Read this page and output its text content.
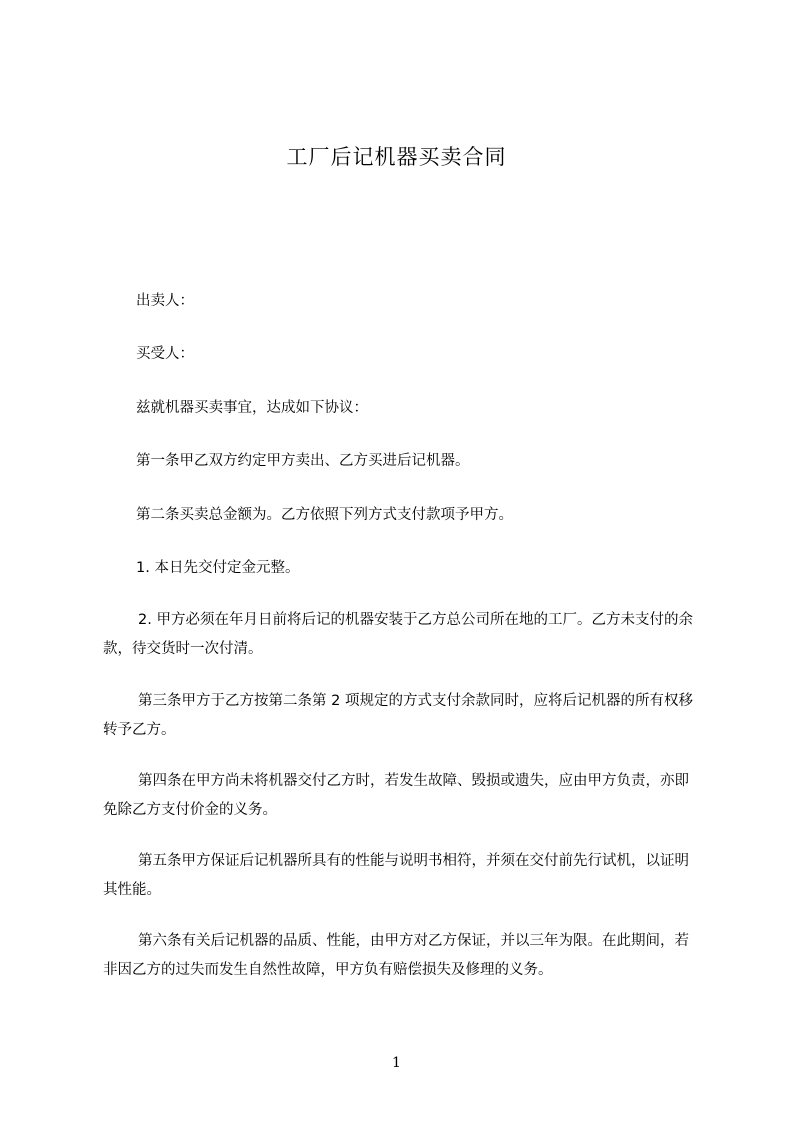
工厂后记机器买卖合同

出卖人：

买受人：

兹就机器买卖事宜，达成如下协议：

第一条甲乙双方约定甲方卖出、乙方买进后记机器。

第二条买卖总金额为。乙方依照下列方式支付款项予甲方。

1. 本日先交付定金元整。

2. 甲方必须在年月日前将后记的机器安装于乙方总公司所在地的工厂。乙方未支付的余款，待交货时一次付清。

第三条甲方于乙方按第二条第 2 项规定的方式支付余款同时，应将后记机器的所有权移转予乙方。

第四条在甲方尚未将机器交付乙方时，若发生故障、毁损或遗失，应由甲方负责，亦即免除乙方支付价金的义务。

第五条甲方保证后记机器所具有的性能与说明书相符，并须在交付前先行试机，以证明其性能。

第六条有关后记机器的品质、性能，由甲方对乙方保证，并以三年为限。在此期间，若非因乙方的过失而发生自然性故障，甲方负有赔偿损失及修理的义务。

1
